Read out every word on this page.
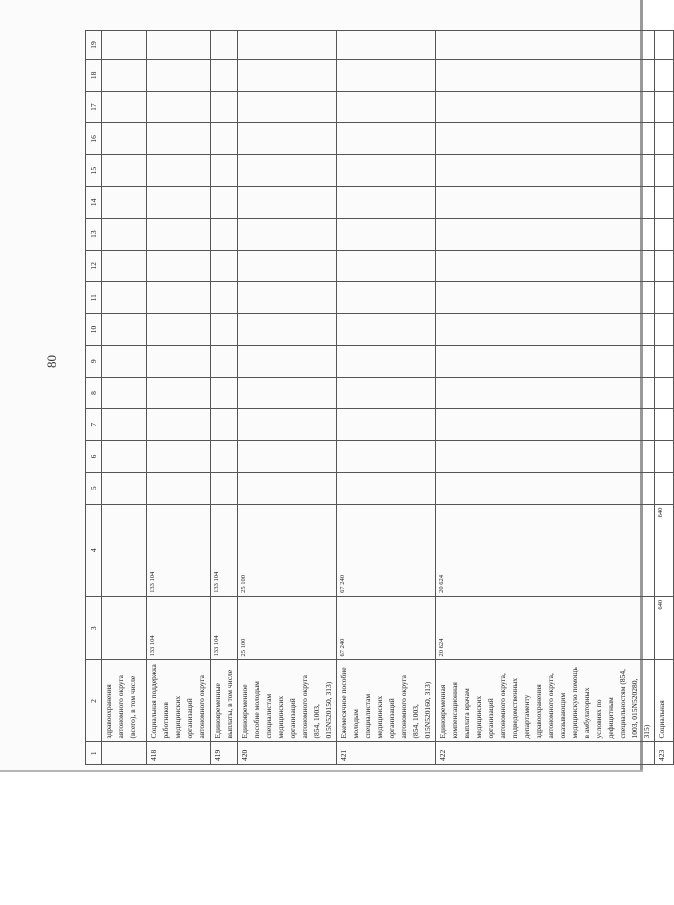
80
1	2	3	4	5	6	7	8	9	10	11	12	13	14	15	16	17	18	19
	здравоохранения автономного округа (всего), в том числе																	
418	Социальная поддержка работников медицинских организаций автономного округа	133 104	133 104															
419	Единовременные выплаты, в том числе	133 104	133 104															
420	Единовременное пособие молодым специалистам медицинских организаций автономного округа (854, 1003, 015N520150, 313)	25 100	25 100															
421	Ежемесячное пособие молодым специалистам медицинских организаций автономного округа (854, 1003, 015N520160, 313)	67 240	67 240															
422	Единовременная компенсационная выплата врачам медицинских организаций автономного округа, подведомственных департаменту здравоохранения автономного округа, оказывающим медицинскую помощь в амбулаторных условиях по дефицитным специальностям (854, 1003, 015N520280, 315)	20 624	20 624															
423	Социальная	640	640															
